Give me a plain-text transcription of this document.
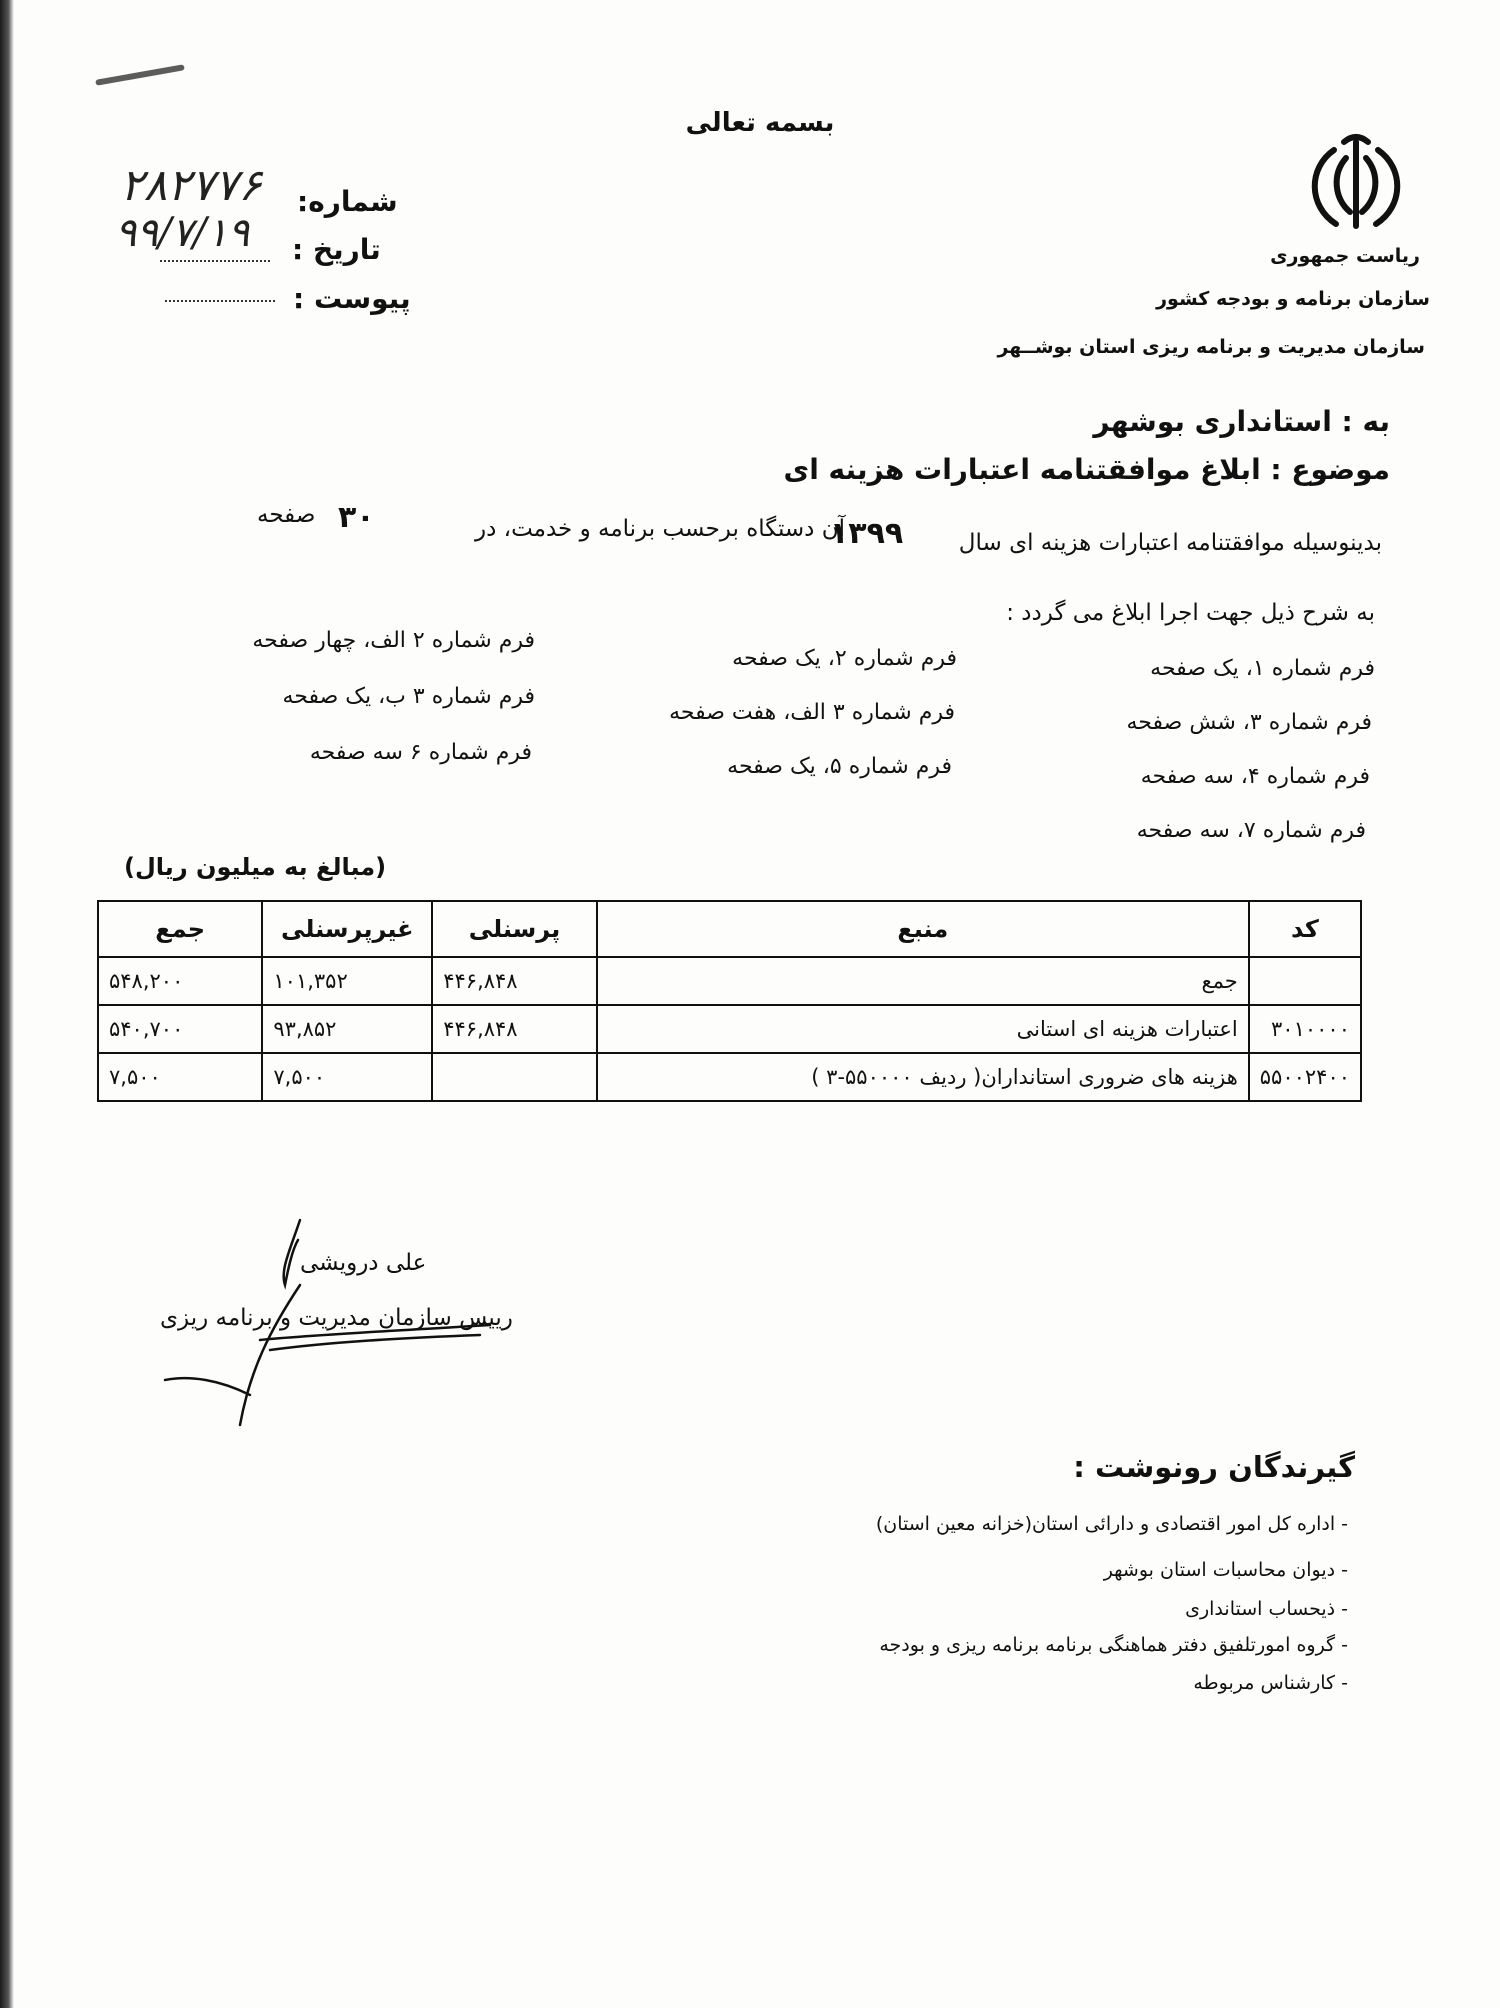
بسمه تعالی
ریاست جمهوری
سازمان برنامه و بودجه کشور
سازمان مدیریت و برنامه ریزی استان بوشــهر
شماره:
۲۸۲۷۷۶
تاریخ :
۹۹/۷/۱۹
پیوست :
به : استانداری بوشهر
موضوع : ابلاغ موافقتنامه اعتبارات هزینه ای
بدینوسیله موافقتنامه اعتبارات هزینه ای سال
۱۳۹۹
آن دستگاه برحسب برنامه و خدمت، در
۳۰
صفحه
به شرح ذیل جهت اجرا ابلاغ می گردد :
فرم شماره ۱، یک صفحه
فرم شماره ۳، شش صفحه
فرم شماره ۴، سه صفحه
فرم شماره ۷، سه صفحه
فرم شماره ۲، یک صفحه
فرم شماره ۳ الف، هفت صفحه
فرم شماره ۵، یک صفحه
فرم شماره ۲ الف، چهار صفحه
فرم شماره ۳ ب، یک صفحه
فرم شماره ۶ سه صفحه
(مبالغ به میلیون ریال)
کد	منبع	پرسنلی	غیرپرسنلی	جمع
	جمع	۴۴۶,۸۴۸	۱۰۱,۳۵۲	۵۴۸,۲۰۰
۳۰۱۰۰۰۰	اعتبارات هزینه ای استانی	۴۴۶,۸۴۸	۹۳,۸۵۲	۵۴۰,۷۰۰
۵۵۰۰۲۴۰۰	هزینه های ضروری استانداران( ردیف ۵۵۰۰۰۰-۳ )		۷,۵۰۰	۷,۵۰۰
علی درویشی
رییس سازمان مدیریت و برنامه ریزی
گیرندگان رونوشت :
- اداره کل امور اقتصادی و دارائی استان(خزانه معین استان)
- دیوان محاسبات استان بوشهر
- ذیحساب استانداری
- گروه امورتلفیق دفتر هماهنگی برنامه برنامه ریزی و بودجه
- کارشناس مربوطه
